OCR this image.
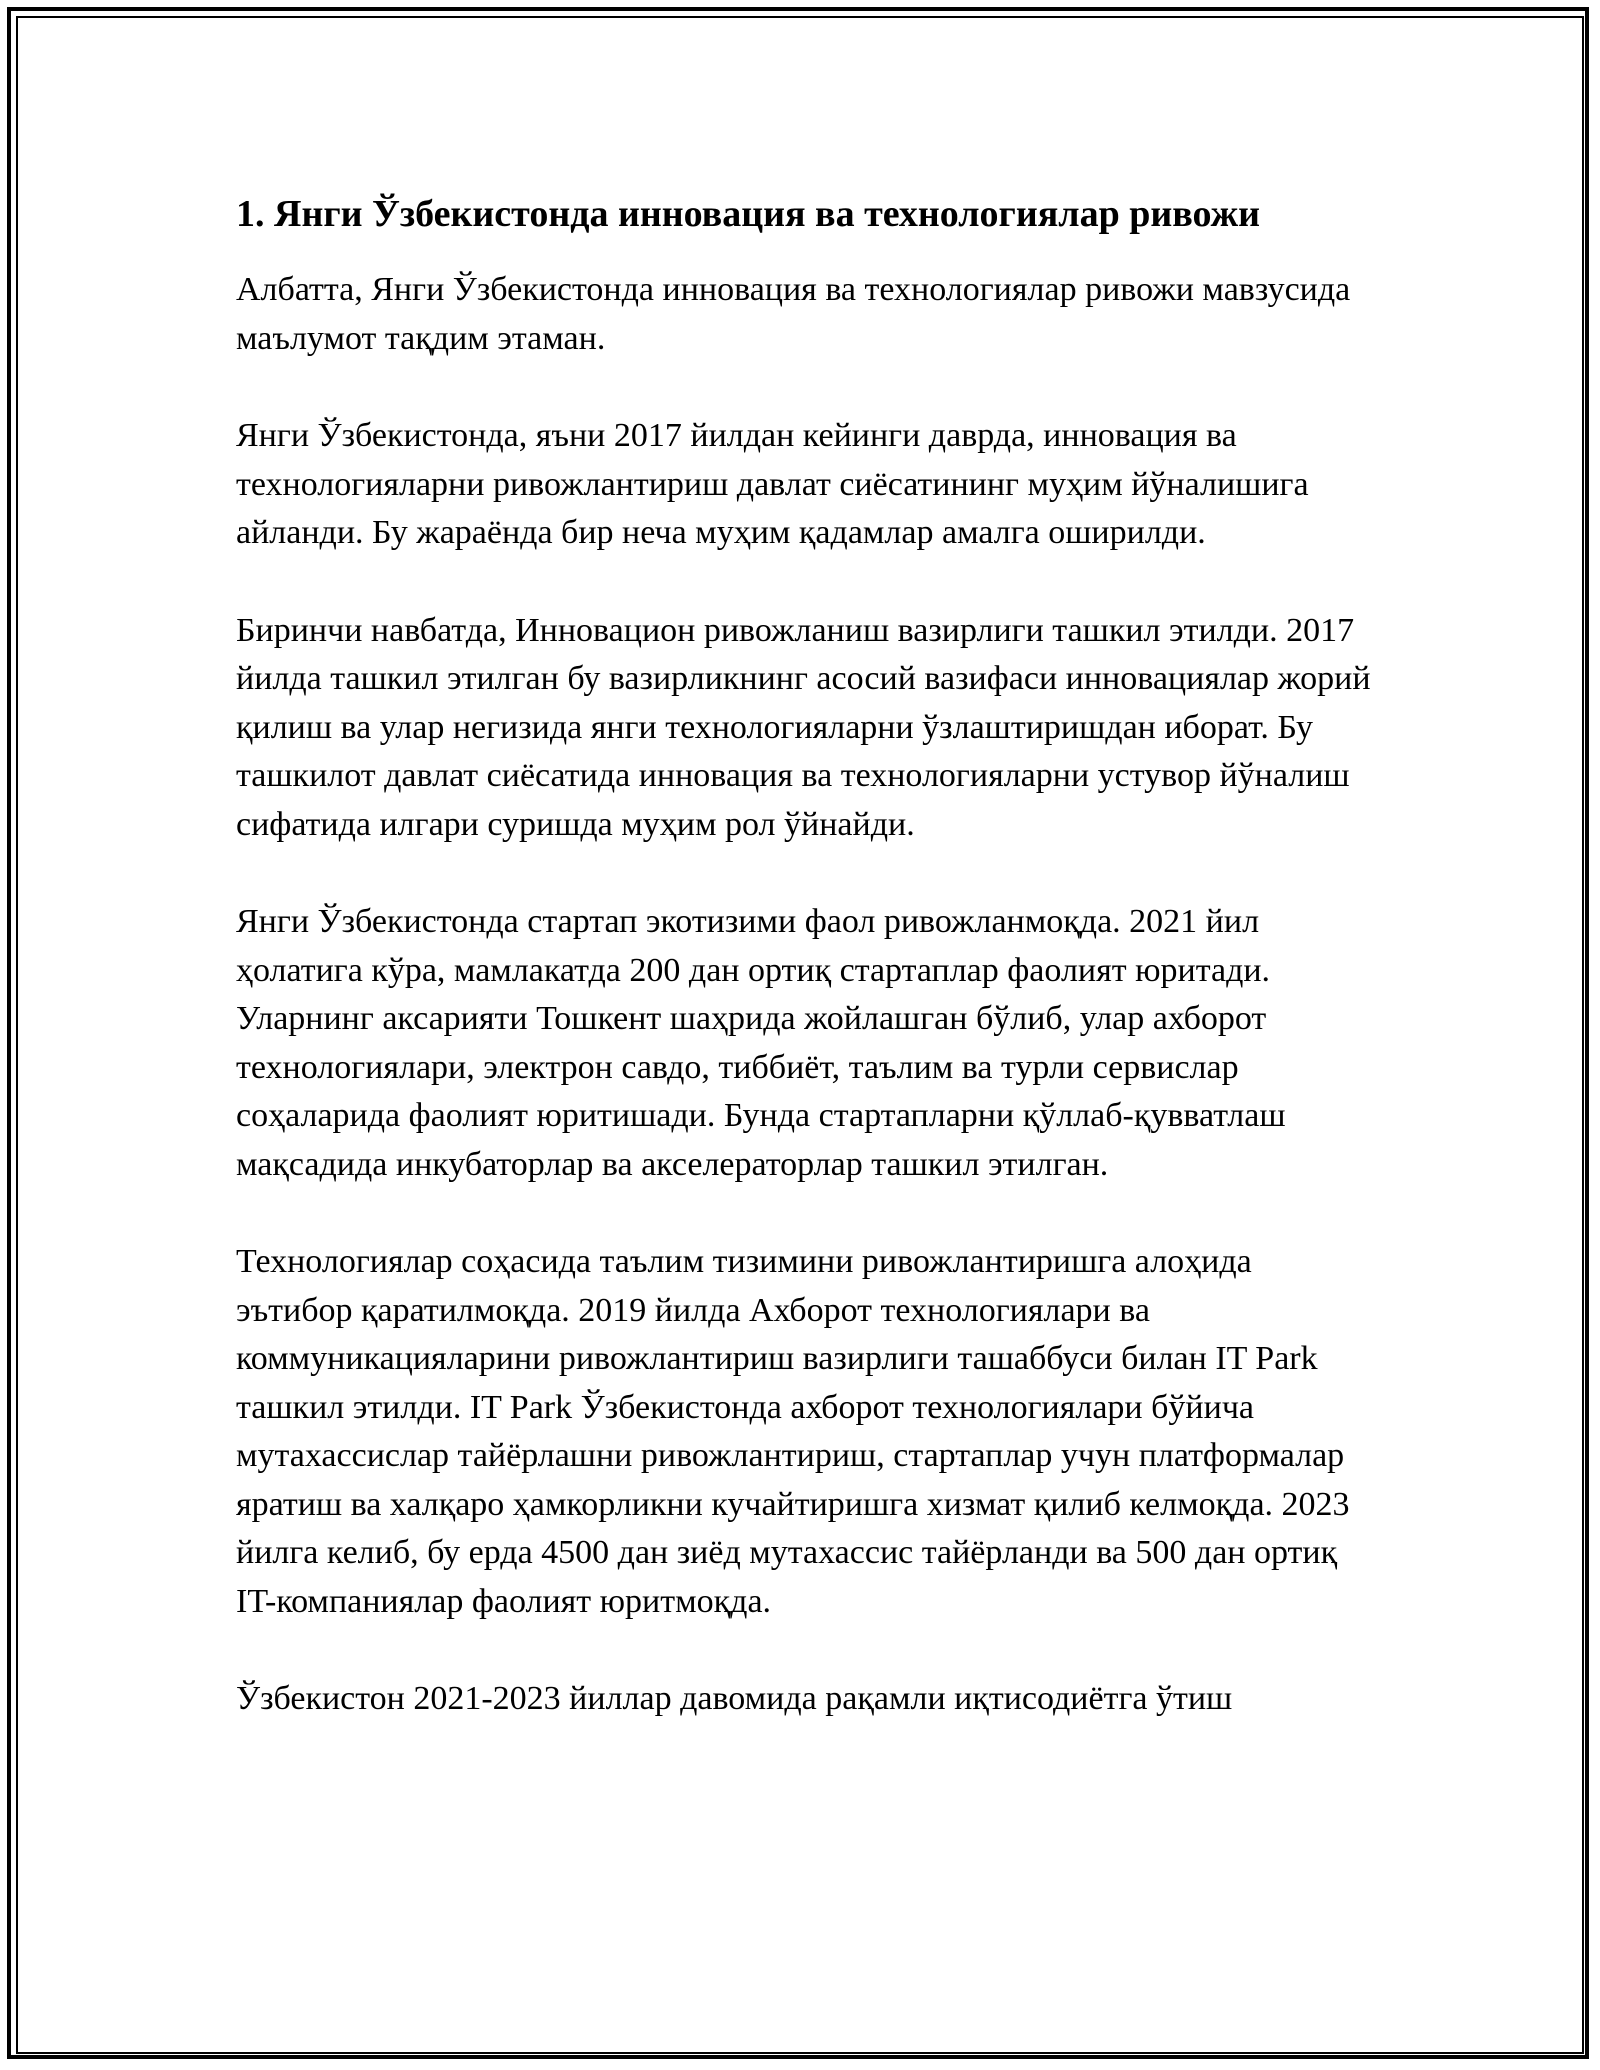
1. Янги Ўзбекистонда инновация ва технологиялар ривожи

Албатта, Янги Ўзбекистонда инновация ва технологиялар ривожи мавзусида маълумот тақдим этаман.

Янги Ўзбекистонда, яъни 2017 йилдан кейинги даврда, инновация ва технологияларни ривожлантириш давлат сиёсатининг муҳим йўналишига айланди. Бу жараёнда бир неча муҳим қадамлар амалга оширилди.

Биринчи навбатда, Инновацион ривожланиш вазирлиги ташкил этилди. 2017 йилда ташкил этилган бу вазирликнинг асосий вазифаси инновациялар жорий қилиш ва улар негизида янги технологияларни ўзлаштиришдан иборат. Бу ташкилот давлат сиёсатида инновация ва технологияларни устувор йўналиш сифатида илгари суришда муҳим рол ўйнайди.

Янги Ўзбекистонда стартап экотизими фаол ривожланмоқда. 2021 йил ҳолатига кўра, мамлакатда 200 дан ортиқ стартаплар фаолият юритади. Уларнинг аксарияти Тошкент шаҳрида жойлашган бўлиб, улар ахборот технологиялари, электрон савдо, тиббиёт, таълим ва турли сервислар соҳаларида фаолият юритишади. Бунда стартапларни қўллаб-қувватлаш мақсадида инкубаторлар ва акселераторлар ташкил этилган.

Технологиялар соҳасида таълим тизимини ривожлантиришга алоҳида эътибор қаратилмоқда. 2019 йилда Ахборот технологиялари ва коммуникацияларини ривожлантириш вазирлиги ташаббуси билан IT Park ташкил этилди. IT Park Ўзбекистонда ахборот технологиялари бўйича мутахассислар тайёрлашни ривожлантириш, стартаплар учун платформалар яратиш ва халқаро ҳамкорликни кучайтиришга хизмат қилиб келмоқда. 2023 йилга келиб, бу ерда 4500 дан зиёд мутахассис тайёрланди ва 500 дан ортиқ IT-компаниялар фаолият юритмоқда.

Ўзбекистон 2021-2023 йиллар давомида рақамли иқтисодиётга ўтиш
